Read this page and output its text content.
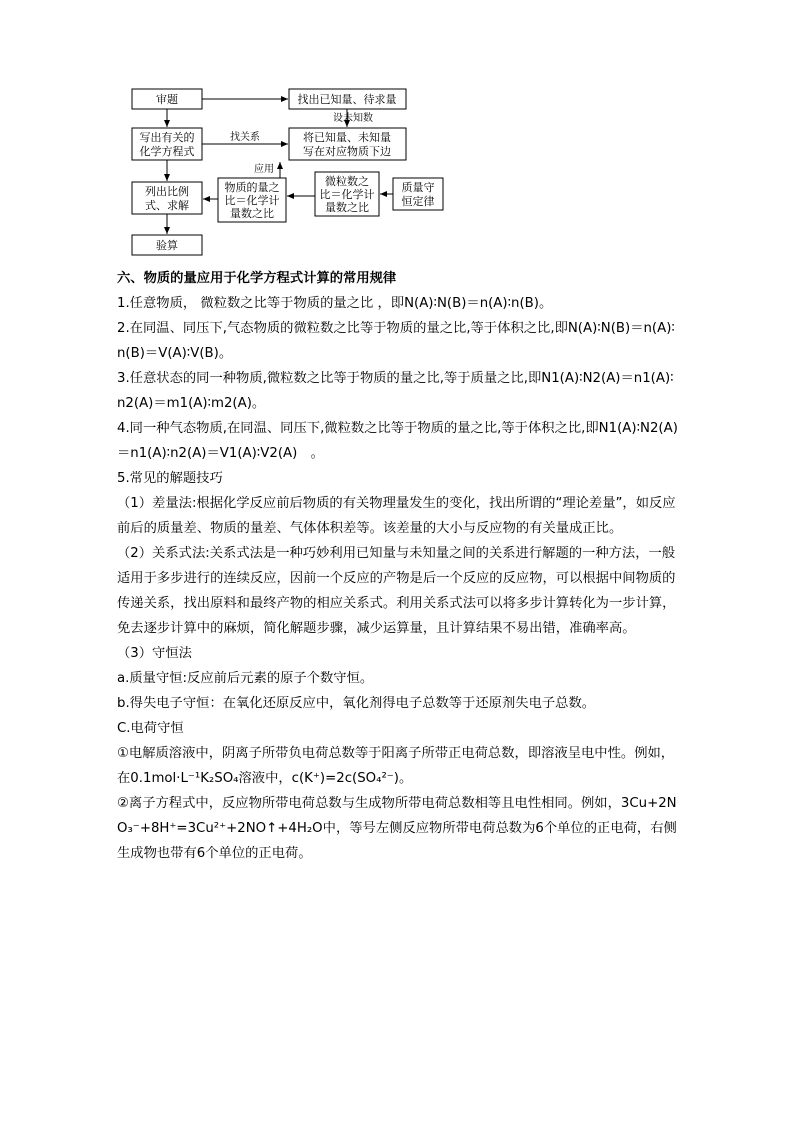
审题	找出已知量、待求量
写出有关的
化学方程式
将已知量、未知量
写在对应物质下边
列出比例
式、求解
物质的量之
比＝化学计
量数之比
微粒数之
比＝化学计
量数之比
质量守
恒定律
验算
设未知数
找关系
应用
六、物质的量应用于化学方程式计算的常用规律

1.任意物质， 微粒数之比等于物质的量之比 ，即N(A)∶N(B)＝n(A)∶n(B)。

2.在同温、同压下,气态物质的微粒数之比等于物质的量之比,等于体积之比,即N(A)∶N(B)＝n(A)∶n(B)＝V(A)∶V(B)。

3.任意状态的同一种物质,微粒数之比等于物质的量之比,等于质量之比,即N1(A)∶N2(A)＝n1(A)∶n2(A)＝m1(A)∶m2(A)。

4.同一种气态物质,在同温、同压下,微粒数之比等于物质的量之比,等于体积之比,即N1(A)∶N2(A)＝n1(A)∶n2(A)＝V1(A)∶V2(A)　。

5.常见的解题技巧

（1）差量法:根据化学反应前后物质的有关物理量发生的变化，找出所谓的“理论差量”，如反应前后的质量差、物质的量差、气体体积差等。该差量的大小与反应物的有关量成正比。

（2）关系式法:关系式法是一种巧妙利用已知量与未知量之间的关系进行解题的一种方法，一般适用于多步进行的连续反应，因前一个反应的产物是后一个反应的反应物，可以根据中间物质的传递关系，找出原料和最终产物的相应关系式。利用关系式法可以将多步计算转化为一步计算，免去逐步计算中的麻烦，简化解题步骤，减少运算量，且计算结果不易出错，准确率高。

（3）守恒法

a.质量守恒:反应前后元素的原子个数守恒。

b.得失电子守恒：在氧化还原反应中，氧化剂得电子总数等于还原剂失电子总数。

C.电荷守恒

①电解质溶液中，阴离子所带负电荷总数等于阳离子所带正电荷总数，即溶液呈电中性。例如，在0.1mol·L⁻¹K₂SO₄溶液中，c(K⁺)=2c(SO₄²⁻)。

②离子方程式中，反应物所带电荷总数与生成物所带电荷总数相等且电性相同。例如，3Cu+2NO₃⁻+8H⁺=3Cu²⁺+2NO↑+4H₂O中，等号左侧反应物所带电荷总数为6个单位的正电荷，右侧生成物也带有6个单位的正电荷。
